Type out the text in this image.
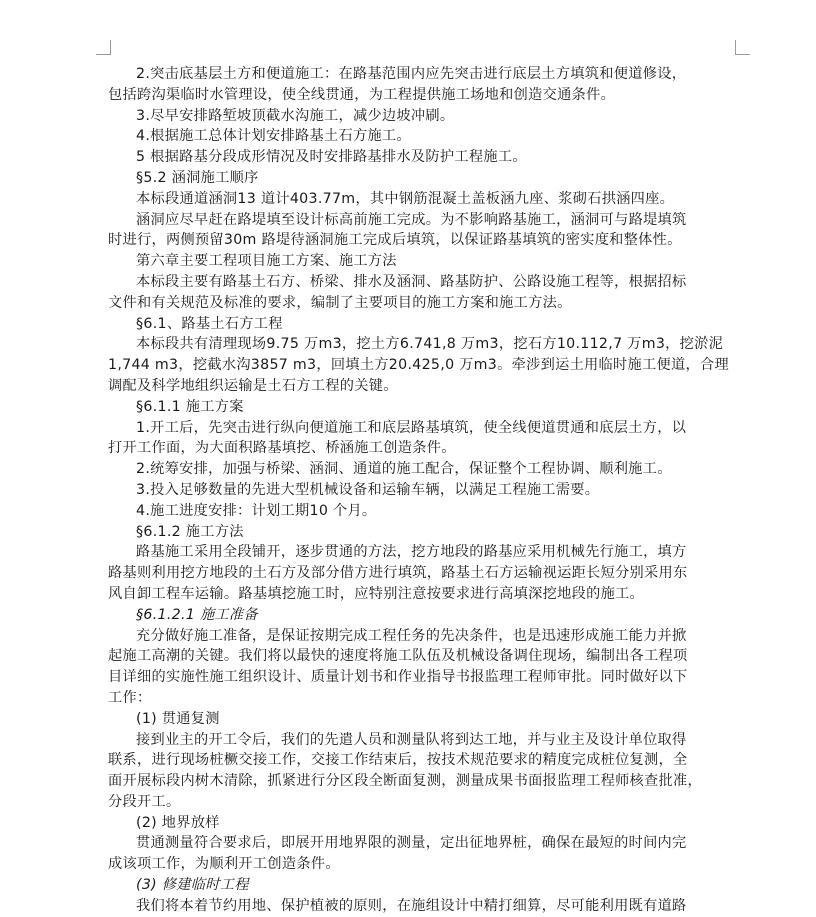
2.突击底基层土方和便道施工：在路基范围内应先突击进行底层土方填筑和便道修设，
包括跨沟渠临时水管理设，使全线贯通，为工程提供施工场地和创造交通条件。
3.尽早安排路堑坡顶截水沟施工，减少边坡冲刷。
4.根据施工总体计划安排路基土石方施工。
5 根据路基分段成形情况及时安排路基排水及防护工程施工。
§5.2 涵洞施工顺序
本标段通道涵洞13 道计403.77m，其中钢筋混凝土盖板涵九座、浆砌石拱涵四座。
涵洞应尽早赶在路堤填至设计标高前施工完成。为不影响路基施工，涵洞可与路堤填筑
时进行，两侧预留30m 路堤待涵洞施工完成后填筑，以保证路基填筑的密实度和整体性。
第六章主要工程项目施工方案、施工方法
本标段主要有路基土石方、桥梁、排水及涵洞、路基防护、公路设施工程等，根据招标
文件和有关规范及标准的要求，编制了主要项目的施工方案和施工方法。
§6.1、路基土石方工程
本标段共有清理现场9.75 万m3，挖土方6.741,8 万m3，挖石方10.112,7 万m3，挖淤泥
1,744 m3，挖截水沟3857 m3，回填土方20.425,0 万m3。牵涉到运土用临时施工便道，合理
调配及科学地组织运输是土石方工程的关键。
§6.1.1 施工方案
1.开工后，先突击进行纵向便道施工和底层路基填筑，使全线便道贯通和底层土方，以
打开工作面，为大面积路基填挖、桥涵施工创造条件。
2.统筹安排，加强与桥梁、涵洞、通道的施工配合，保证整个工程协调、顺利施工。
3.投入足够数量的先进大型机械设备和运输车辆，以满足工程施工需要。
4.施工进度安排：计划工期10 个月。
§6.1.2 施工方法
路基施工采用全段铺开，逐步贯通的方法，挖方地段的路基应采用机械先行施工，填方
路基则利用挖方地段的土石方及部分借方进行填筑，路基土石方运输视运距长短分别采用东
风自卸工程车运输。路基填挖施工时，应特别注意按要求进行高填深挖地段的施工。
§6.1.2.1 施工准备
充分做好施工准备，是保证按期完成工程任务的先决条件，也是迅速形成施工能力并掀
起施工高潮的关键。我们将以最快的速度将施工队伍及机械设备调住现场，编制出各工程项
目详细的实施性施工组织设计、质量计划书和作业指导书报监理工程师审批。同时做好以下
工作：
(1) 贯通复测
接到业主的开工令后，我们的先遣人员和测量队将到达工地，并与业主及设计单位取得
联系，进行现场桩橛交接工作，交接工作结束后，按技术规范要求的精度完成桩位复测，全
面开展标段内树木清除，抓紧进行分区段全断面复测，测量成果书面报监理工程师核查批准，
分段开工。
(2) 地界放样
贯通测量符合要求后，即展开用地界限的测量，定出征地界桩，确保在最短的时间内完
成该项工作，为顺利开工创造条件。
(3) 修建临时工程
我们将本着节约用地、保护植被的原则，在施组设计中精打细算，尽可能利用既有道路
